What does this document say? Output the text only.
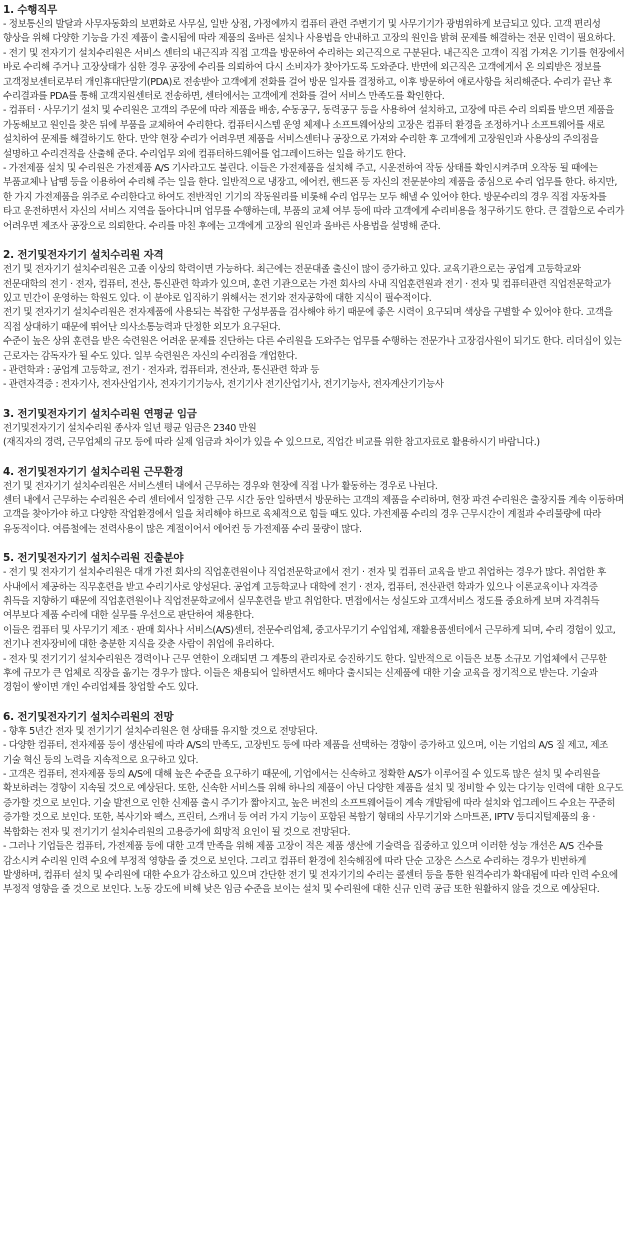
1. 수행직무

- 정보통신의 발달과 사무자동화의 보편화로 사무실, 일반 상점, 가정에까지 컴퓨터 관련 주변기기 및 사무기기가 광범위하게 보급되고 있다. 고객 편리성 향상을 위해 다양한 기능을 가진 제품이 출시됨에 따라 제품의 올바른 설치나 사용법을 안내하고 고장의 원인을 밝혀 문제를 해결하는 전문 인력이 필요하다.

- 전기 및 전자기기 설치수리원은 서비스 센터의 내근직과 직접 고객을 방문하여 수리하는 외근직으로 구분된다. 내근직은 고객이 직접 가져온 기기를 현장에서 바로 수리해 주거나 고장상태가 심한 경우 공장에 수리를 의뢰하여 다시 소비자가 찾아가도록 도와준다. 반면에 외근직은 고객에게서 온 의뢰받은 정보를 고객정보센터로부터 개인휴대단말기(PDA)로 전송받아 고객에게 전화를 걸어 방문 일자를 결정하고, 이후 방문하여 애로사항을 처리해준다. 수리가 끝난 후 수리결과를 PDA를 통해 고객지원센터로 전송하면, 센터에서는 고객에게 전화를 걸어 서비스 만족도를 확인한다.

- 컴퓨터 · 사무기기 설치 및 수리원은 고객의 주문에 따라 제품을 배송, 수동공구, 동력공구 등을 사용하여 설치하고, 고장에 따른 수리 의뢰를 받으면 제품을 가동해보고 원인을 찾은 뒤에 부품을 교체하여 수리한다. 컴퓨터시스템 운영 체제나 소프트웨어상의 고장은 컴퓨터 환경을 조정하거나 소프트웨어를 새로 설치하여 문제를 해결하기도 한다. 만약 현장 수리가 어려우면 제품을 서비스센터나 공장으로 가져와 수리한 후 고객에게 고장원인과 사용상의 주의점을 설명하고 수리견적을 산출해 준다. 수리업무 외에 컴퓨터하드웨어를 업그레이드하는 일을 하기도 한다.

- 가전제품 설치 및 수리원은 가전제품 A/S 기사라고도 불린다. 이들은 가전제품을 설치해 주고, 시운전하여 작동 상태를 확인시켜주며 오작동 될 때에는 부품교체나 납땜 등을 이용하여 수리해 주는 일을 한다. 일반적으로 냉장고, 에어컨, 핸드폰 등 자신의 전문분야의 제품을 중심으로 수리 업무를 한다. 하지만, 한 가지 가전제품을 위주로 수리한다고 하여도 전반적인 기기의 작동원리를 비롯해 수리 업무는 모두 해낼 수 있어야 한다. 방문수리의 경우 직접 자동차를 타고 운전하면서 자신의 서비스 지역을 돌아다니며 업무를 수행하는데, 부품의 교체 여부 등에 따라 고객에게 수리비용을 청구하기도 한다. 큰 결함으로 수리가 어려우면 제조사 공장으로 의뢰한다. 수리를 마친 후에는 고객에게 고장의 원인과 올바른 사용법을 설명해 준다.

2. 전기및전자기기 설치수리원 자격

전기 및 전자기기 설치수리원은 고졸 이상의 학력이면 가능하다. 최근에는 전문대졸 출신이 많이 증가하고 있다. 교육기관으로는 공업계 고등학교와 전문대학의 전기 · 전자, 컴퓨터, 전산, 통신관련 학과가 있으며, 훈련 기관으로는 가전 회사의 사내 직업훈련원과 전기 · 전자 및 컴퓨터관련 직업전문학교가 있고 민간이 운영하는 학원도 있다. 이 분야로 입직하기 위해서는 전기와 전자공학에 대한 지식이 필수적이다.

전기 및 전자기기 설치수리원은 전자제품에 사용되는 복잡한 구성부품을 검사해야 하기 때문에 좋은 시력이 요구되며 색상을 구별할 수 있어야 한다. 고객을 직접 상대하기 때문에 뛰어난 의사소통능력과 단정한 외모가 요구된다.

수준이 높은 상위 훈련을 받은 숙련원은 어려운 문제를 진단하는 다른 수리원을 도와주는 업무를 수행하는 전문가나 고장검사원이 되기도 한다. 리더십이 있는 근로자는 감독자가 될 수도 있다. 일부 숙련원은 자신의 수리점을 개업한다.

- 관련학과 : 공업계 고등학교, 전기 · 전자과, 컴퓨터과, 전산과, 통신관련 학과 등

- 관련자격증 : 전자기사, 전자산업기사, 전자기기기능사, 전기기사 전기산업기사, 전기기능사, 전자계산기기능사

3. 전기및전자기기 설치수리원 연평균 임금

전기및전자기기 설치수리원 종사자 일년 평균 임금은 2340 만원

(재직자의 경력, 근무업체의 규모 등에 따라 실제 임금과 차이가 있을 수 있으므로, 직업간 비교를 위한 참고자료로 활용하시기 바랍니다.)

4. 전기및전자기기 설치수리원 근무환경

전기 및 전자기기 설치수리원은 서비스센터 내에서 근무하는 경우와 현장에 직접 나가 활동하는 경우로 나뉜다.

센터 내에서 근무하는 수리원은 수리 센터에서 일정한 근무 시간 동안 일하면서 방문하는 고객의 제품을 수리하며, 현장 파견 수리원은 출장지를 계속 이동하며 고객을 찾아가야 하고 다양한 작업환경에서 일을 처리해야 하므로 육체적으로 힘들 때도 있다. 가전제품 수리의 경우 근무시간이 계절과 수리물량에 따라 유동적이다. 여름철에는 전력사용이 많은 계절이어서 에어컨 등 가전제품 수리 물량이 많다.

5. 전기및전자기기 설치수리원 진출분야

- 전기 및 전자기기 설치수리원은 대개 가전 회사의 직업훈련원이나 직업전문학교에서 전기 · 전자 및 컴퓨터 교육을 받고 취업하는 경우가 많다. 취업한 후 사내에서 제공하는 직무훈련을 받고 수리기사로 양성된다. 공업계 고등학교나 대학에 전기 · 전자, 컴퓨터, 전산관련 학과가 있으나 이론교육이나 자격증 취득을 지향하기 때문에 직업훈련원이나 직업전문학교에서 실무훈련을 받고 취업한다. 면접에서는 성실도와 고객서비스 정도를 중요하게 보며 자격취득 여부보다 제품 수리에 대한 실무를 우선으로 판단하여 채용한다.

이들은 컴퓨터 및 사무기기 제조 · 판매 회사나 서비스(A/S)센터, 전문수리업체, 중고사무기기 수입업체, 재활용품센터에서 근무하게 되며, 수리 경험이 있고, 전기나 전자장비에 대한 충분한 지식을 갖춘 사람이 취업에 유리하다.

- 전자 및 전기기기 설치수리원은 경력이나 근무 연한이 오래되면 그 계통의 관리자로 승진하기도 한다. 일반적으로 이들은 보통 소규모 기업체에서 근무한 후에 규모가 큰 업체로 직장을 옮기는 경우가 많다. 이들은 채용되어 일하면서도 해마다 출시되는 신제품에 대한 기술 교육을 정기적으로 받는다. 기술과 경험이 쌓이면 개인 수리업체를 창업할 수도 있다.

6. 전기및전자기기 설치수리원의 전망

- 향후 5년간 전자 및 전기기기 설치수리원은 현 상태를 유지할 것으로 전망된다.

- 다양한 컴퓨터, 전자제품 등이 생산됨에 따라 A/S의 만족도, 고장빈도 등에 따라 제품을 선택하는 경향이 증가하고 있으며, 이는 기업의 A/S 질 제고, 제조 기술 혁신 등의 노력을 지속적으로 요구하고 있다.

- 고객은 컴퓨터, 전자제품 등의 A/S에 대해 높은 수준을 요구하기 때문에, 기업에서는 신속하고 정확한 A/S가 이루어질 수 있도록 많은 설치 및 수리원을 확보하려는 경향이 지속될 것으로 예상된다. 또한, 신속한 서비스를 위해 하나의 제품이 아닌 다양한 제품을 설치 및 정비할 수 있는 다기능 인력에 대한 요구도 증가할 것으로 보인다. 기술 발전으로 인한 신제품 출시 주기가 짧아지고, 높은 버전의 소프트웨어들이 계속 개발됨에 따라 설치와 업그레이드 수요는 꾸준히 증가할 것으로 보인다. 또한, 복사기와 팩스, 프린터, 스캐너 등 여러 가지 기능이 포함된 복합기 형태의 사무기기와 스마트폰, IPTV 등디지털제품의 융 · 복합화는 전자 및 전기기기 설치수리원의 고용증가에 희망적 요인이 될 것으로 전망된다.

- 그러나 기업들은 컴퓨터, 가전제품 등에 대한 고객 만족을 위해 제품 고장이 적은 제품 생산에 기술력을 집중하고 있으며 이러한 성능 개선은 A/S 건수를 감소시켜 수리원 인력 수요에 부정적 영향을 줄 것으로 보인다. 그리고 컴퓨터 환경에 친숙해짐에 따라 단순 고장은 스스로 수리하는 경우가 빈번하게 발생하며, 컴퓨터 설치 및 수리원에 대한 수요가 감소하고 있으며 간단한 전기 및 전자기기의 수리는 콜센터 등을 통한 원격수리가 확대됨에 따라 인력 수요에 부정적 영향을 줄 것으로 보인다. 노동 강도에 비해 낮은 임금 수준을 보이는 설치 및 수리원에 대한 신규 인력 공급 또한 원활하지 않을 것으로 예상된다.
